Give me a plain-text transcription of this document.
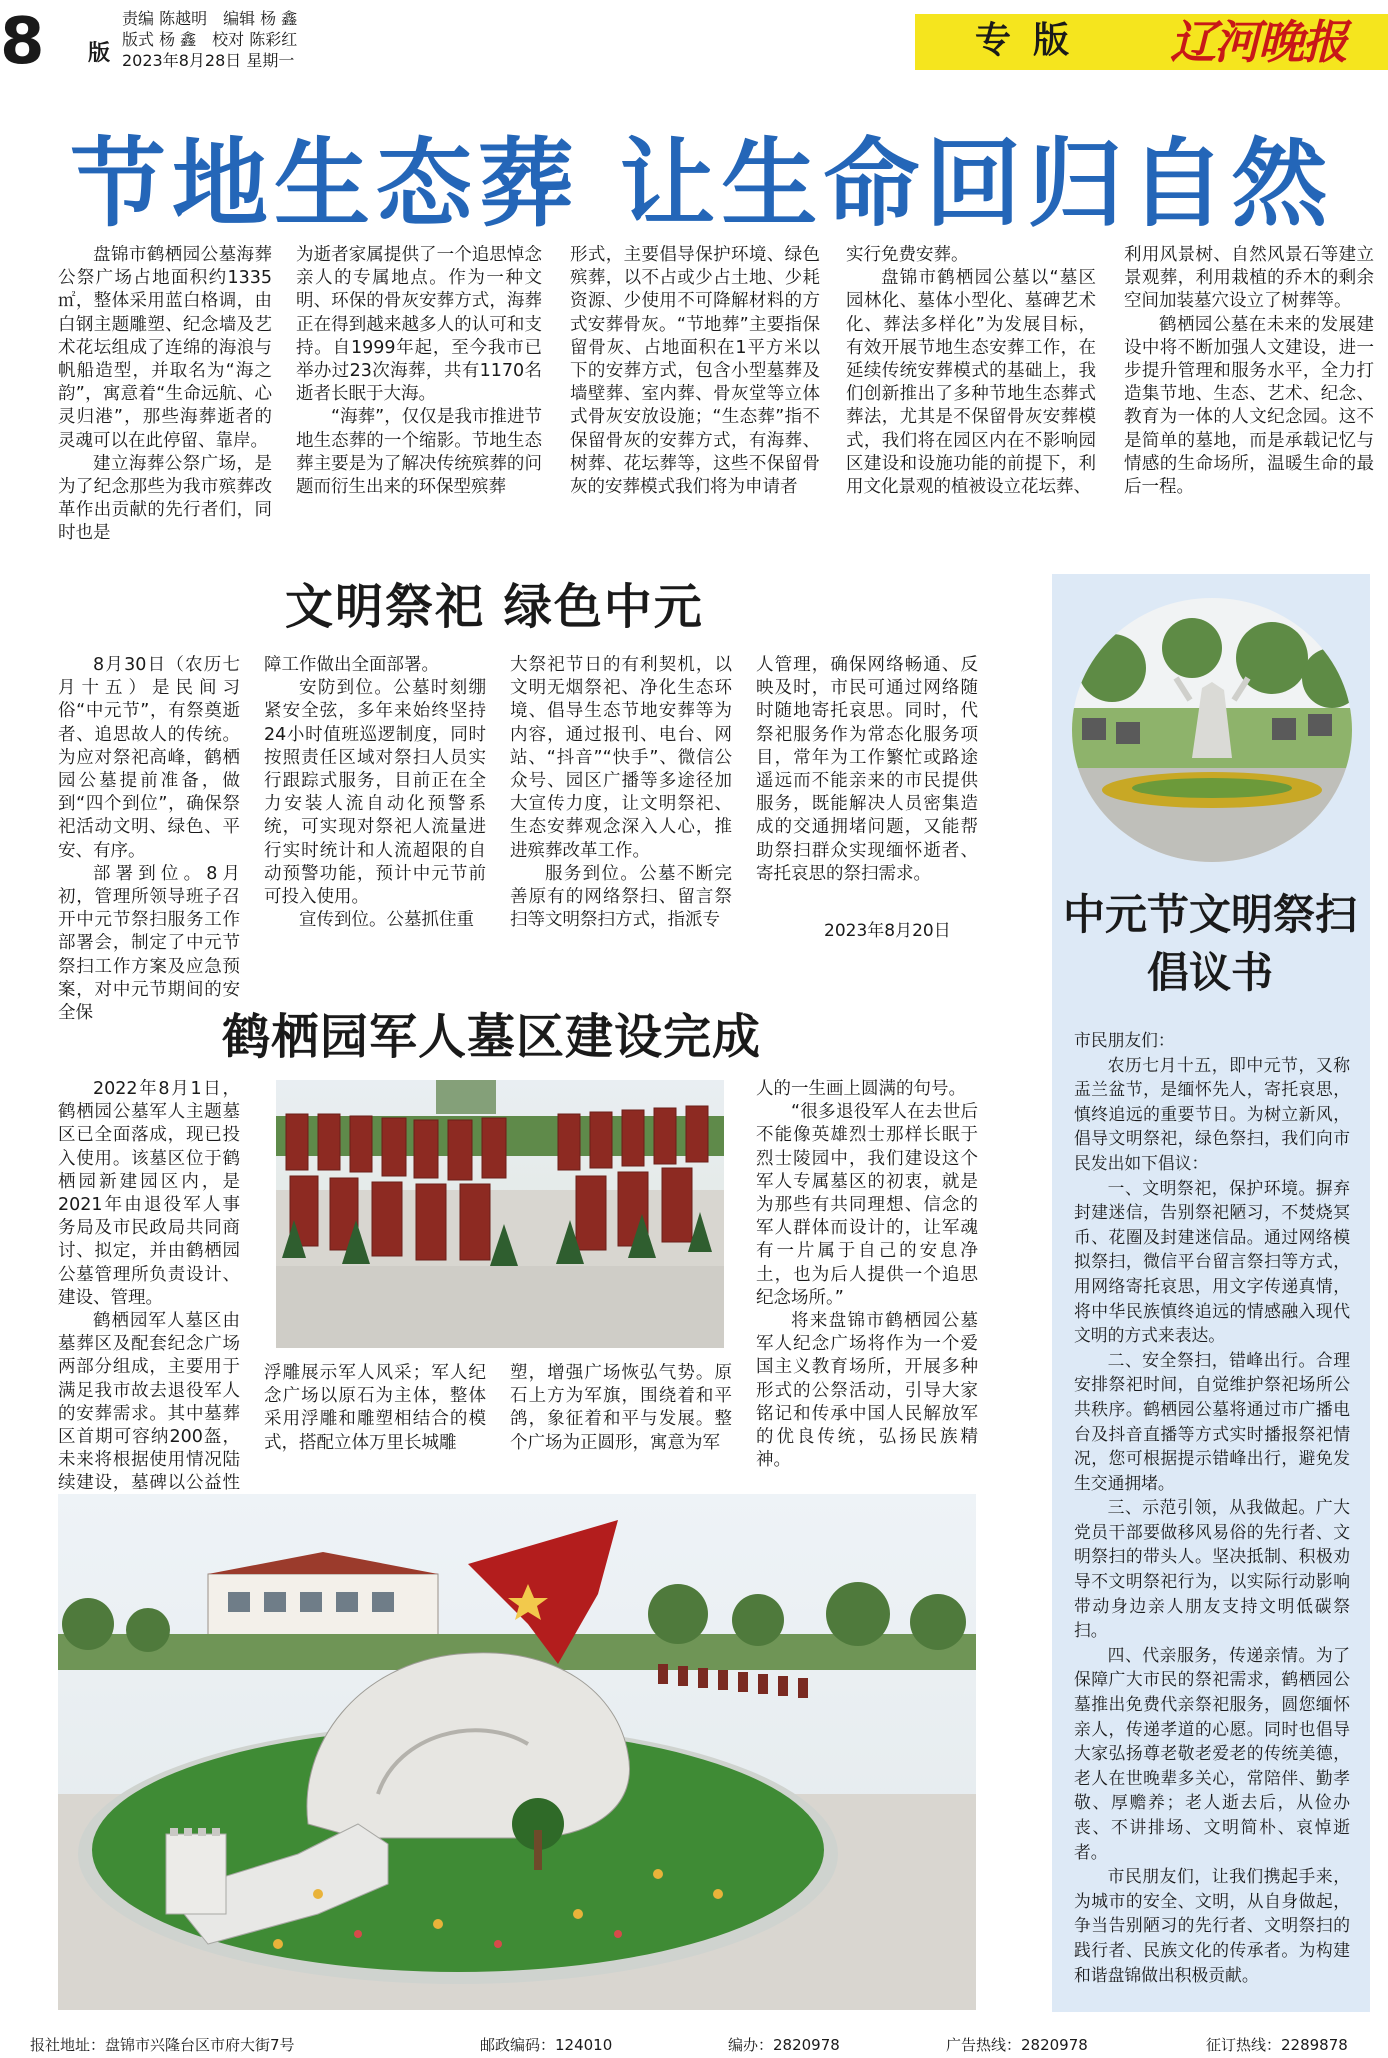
8 版
责编 陈越明　编辑 杨 鑫
版式 杨 鑫　校对 陈彩红
2023年8月28日 星期一	专版 辽河晚报
节地生态葬 让生命回归自然

盘锦市鹤栖园公墓海葬公祭广场占地面积约1335㎡，整体采用蓝白格调，由白钢主题雕塑、纪念墙及艺术花坛组成了连绵的海浪与帆船造型，并取名为“海之韵”，寓意着“生命远航、心灵归港”，那些海葬逝者的灵魂可以在此停留、靠岸。

建立海葬公祭广场，是为了纪念那些为我市殡葬改革作出贡献的先行者们，同时也是

为逝者家属提供了一个追思悼念亲人的专属地点。作为一种文明、环保的骨灰安葬方式，海葬正在得到越来越多人的认可和支持。自1999年起，至今我市已举办过23次海葬，共有1170名逝者长眠于大海。

“海葬”，仅仅是我市推进节地生态葬的一个缩影。节地生态葬主要是为了解决传统殡葬的问题而衍生出来的环保型殡葬

形式，主要倡导保护环境、绿色殡葬，以不占或少占土地、少耗资源、少使用不可降解材料的方式安葬骨灰。“节地葬”主要指保留骨灰、占地面积在1平方米以下的安葬方式，包含小型墓葬及墙壁葬、室内葬、骨灰堂等立体式骨灰安放设施；“生态葬”指不保留骨灰的安葬方式，有海葬、树葬、花坛葬等，这些不保留骨灰的安葬模式我们将为申请者

实行免费安葬。

盘锦市鹤栖园公墓以“墓区园林化、墓体小型化、墓碑艺术化、葬法多样化”为发展目标，有效开展节地生态安葬工作，在延续传统安葬模式的基础上，我们创新推出了多种节地生态葬式葬法，尤其是不保留骨灰安葬模式，我们将在园区内在不影响园区建设和设施功能的前提下，利用文化景观的植被设立花坛葬、

利用风景树、自然风景石等建立景观葬，利用栽植的乔木的剩余空间加装墓穴设立了树葬等。

鹤栖园公墓在未来的发展建设中将不断加强人文建设，进一步提升管理和服务水平，全力打造集节地、生态、艺术、纪念、教育为一体的人文纪念园。这不是简单的墓地，而是承载记忆与情感的生命场所，温暖生命的最后一程。

文明祭祀 绿色中元

8月30日（农历七月十五）是民间习俗“中元节”，有祭奠逝者、追思故人的传统。为应对祭祀高峰，鹤栖园公墓提前准备，做到“四个到位”，确保祭祀活动文明、绿色、平安、有序。

部署到位。8月初，管理所领导班子召开中元节祭扫服务工作部署会，制定了中元节祭扫工作方案及应急预案，对中元节期间的安全保

障工作做出全面部署。

安防到位。公墓时刻绷紧安全弦，多年来始终坚持24小时值班巡逻制度，同时按照责任区域对祭扫人员实行跟踪式服务，目前正在全力安装人流自动化预警系统，可实现对祭祀人流量进行实时统计和人流超限的自动预警功能，预计中元节前可投入使用。

宣传到位。公墓抓住重

大祭祀节日的有利契机，以文明无烟祭祀、净化生态环境、倡导生态节地安葬等为内容，通过报刊、电台、网站、“抖音”“快手”、微信公众号、园区广播等多途径加大宣传力度，让文明祭祀、生态安葬观念深入人心，推进殡葬改革工作。

服务到位。公墓不断完善原有的网络祭扫、留言祭扫等文明祭扫方式，指派专

人管理，确保网络畅通、反映及时，市民可通过网络随时随地寄托哀思。同时，代祭祀服务作为常态化服务项目，常年为工作繁忙或路途遥远而不能亲来的市民提供服务，既能解决人员密集造成的交通拥堵问题，又能帮助祭扫群众实现缅怀逝者、寄托哀思的祭扫需求。

2023年8月20日
鹤栖园军人墓区建设完成

2022年8月1日，鹤栖园公墓军人主题墓区已全面落成，现已投入使用。该墓区位于鹤栖园新建园区内，是2021年由退役军人事务局及市民政局共同商讨、拟定，并由鹤栖园公墓管理所负责设计、建设、管理。

鹤栖园军人墓区由墓葬区及配套纪念广场两部分组成，主要用于满足我市故去退役军人的安葬需求。其中墓葬区首期可容纳200盔，未来将根据使用情况陆续建设，墓碑以公益性

浮雕展示军人风采；军人纪念广场以原石为主体，整体采用浮雕和雕塑相结合的模式，搭配立体万里长城雕

塑，增强广场恢弘气势。原石上方为军旗，围绕着和平鸽，象征着和平与发展。整个广场为正圆形，寓意为军

人的一生画上圆满的句号。

“很多退役军人在去世后不能像英雄烈士那样长眠于烈士陵园中，我们建设这个军人专属墓区的初衷，就是为那些有共同理想、信念的军人群体而设计的，让军魂有一片属于自己的安息净土，也为后人提供一个追思纪念场所。”

将来盘锦市鹤栖园公墓军人纪念广场将作为一个爱国主义教育场所，开展多种形式的公祭活动，引导大家铭记和传承中国人民解放军的优良传统，弘扬民族精神。

中元节文明祭扫
倡议书

市民朋友们：

农历七月十五，即中元节，又称盂兰盆节，是缅怀先人，寄托哀思，慎终追远的重要节日。为树立新风，倡导文明祭祀，绿色祭扫，我们向市民发出如下倡议：

一、文明祭祀，保护环境。摒弃封建迷信，告别祭祀陋习，不焚烧冥币、花圈及封建迷信品。通过网络模拟祭扫，微信平台留言祭扫等方式，用网络寄托哀思，用文字传递真情，将中华民族慎终追远的情感融入现代文明的方式来表达。

二、安全祭扫，错峰出行。合理安排祭祀时间，自觉维护祭祀场所公共秩序。鹤栖园公墓将通过市广播电台及抖音直播等方式实时播报祭祀情况，您可根据提示错峰出行，避免发生交通拥堵。

三、示范引领，从我做起。广大党员干部要做移风易俗的先行者、文明祭扫的带头人。坚决抵制、积极劝导不文明祭祀行为，以实际行动影响带动身边亲人朋友支持文明低碳祭扫。

四、代亲服务，传递亲情。为了保障广大市民的祭祀需求，鹤栖园公墓推出免费代亲祭祀服务，圆您缅怀亲人，传递孝道的心愿。同时也倡导大家弘扬尊老敬老爱老的传统美德，老人在世晚辈多关心，常陪伴、勤孝敬、厚赡养；老人逝去后，从俭办丧、不讲排场、文明简朴、哀悼逝者。

市民朋友们，让我们携起手来，为城市的安全、文明，从自身做起，争当告别陋习的先行者、文明祭扫的践行者、民族文化的传承者。为构建和谐盘锦做出积极贡献。

报社地址：盘锦市兴隆台区市府大街7号	邮政编码：124010	编办：2820978	广告热线：2820978	征订热线：2289878
